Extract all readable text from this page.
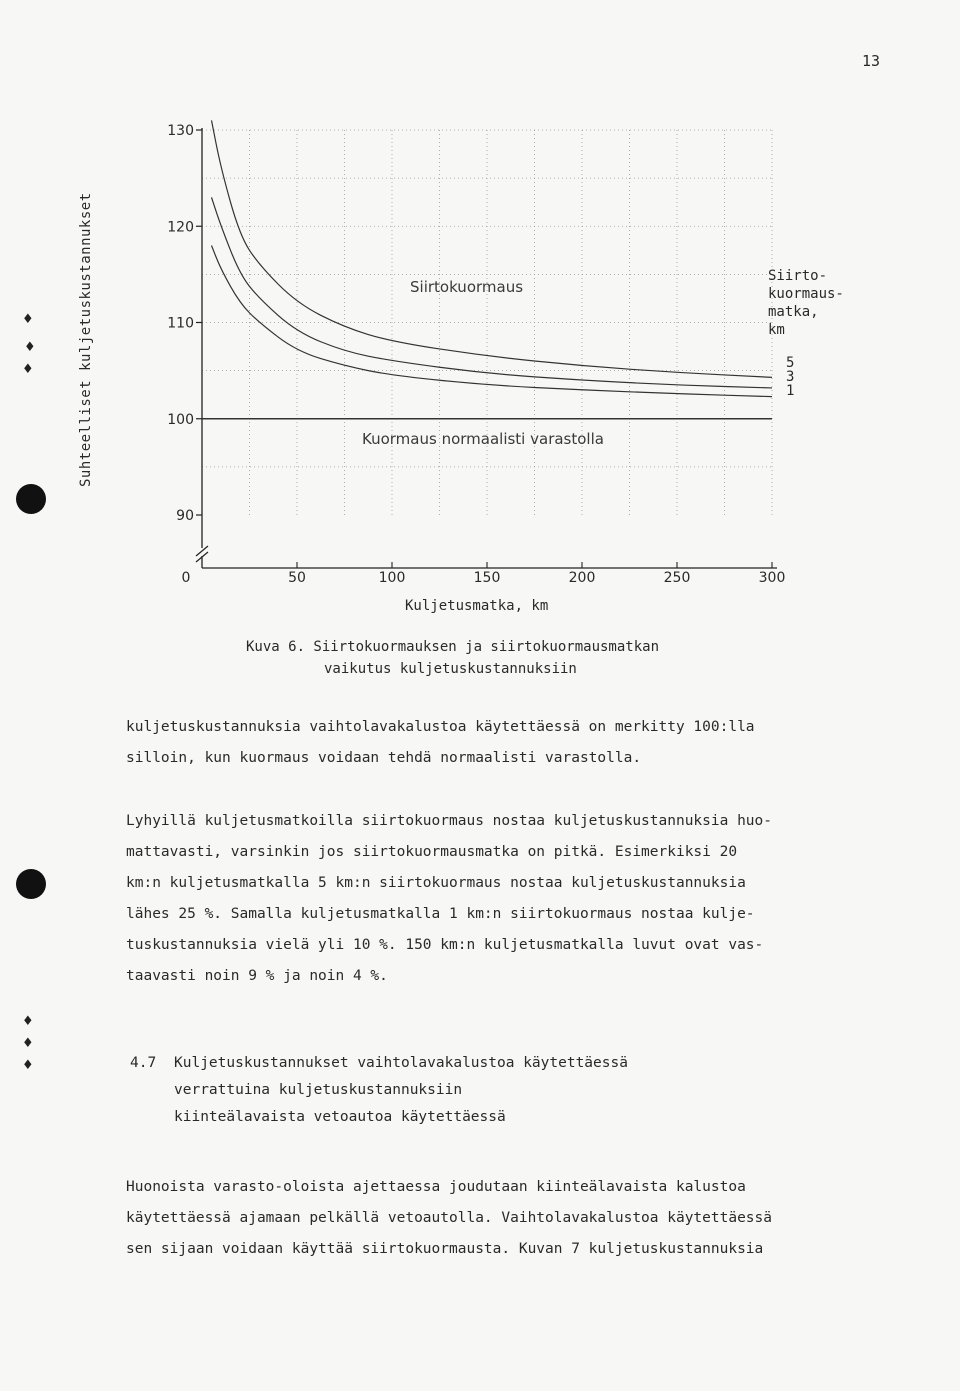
13
♦
♦
♦
♦
♦
♦
Suhteelliset kuljetuskustannukset
130
120
110
100
90
0	50	100	150	200	250	300
Siirtokuormaus
Kuormaus normaalisti varastolla
Siirto-
kuormaus-
matka,
km
5
3
1
Kuljetusmatka, km
Kuva 6. Siirtokuormauksen ja siirtokuormausmatkan
vaikutus kuljetuskustannuksiin

kuljetuskustannuksia vaihtolavakalustoa käytettäessä on merkitty 100:lla

silloin, kun kuormaus voidaan tehdä normaalisti varastolla.

Lyhyillä kuljetusmatkoilla siirtokuormaus nostaa kuljetuskustannuksia huo-

mattavasti, varsinkin jos siirtokuormausmatka on pitkä. Esimerkiksi 20

km:n kuljetusmatkalla 5 km:n siirtokuormaus nostaa kuljetuskustannuksia

lähes 25 %. Samalla kuljetusmatkalla 1 km:n siirtokuormaus nostaa kulje-

tuskustannuksia vielä yli 10 %. 150 km:n kuljetusmatkalla luvut ovat vas-

taavasti noin 9 % ja noin 4 %.

4.7 Kuljetuskustannukset vaihtolavakalustoa käytettäessä
verrattuina kuljetuskustannuksiin
kiinteälavaista vetoautoa käytettäessä

Huonoista varasto-oloista ajettaessa joudutaan kiinteälavaista kalustoa

käytettäessä ajamaan pelkällä vetoautolla. Vaihtolavakalustoa käytettäessä

sen sijaan voidaan käyttää siirtokuormausta. Kuvan 7 kuljetuskustannuksia
